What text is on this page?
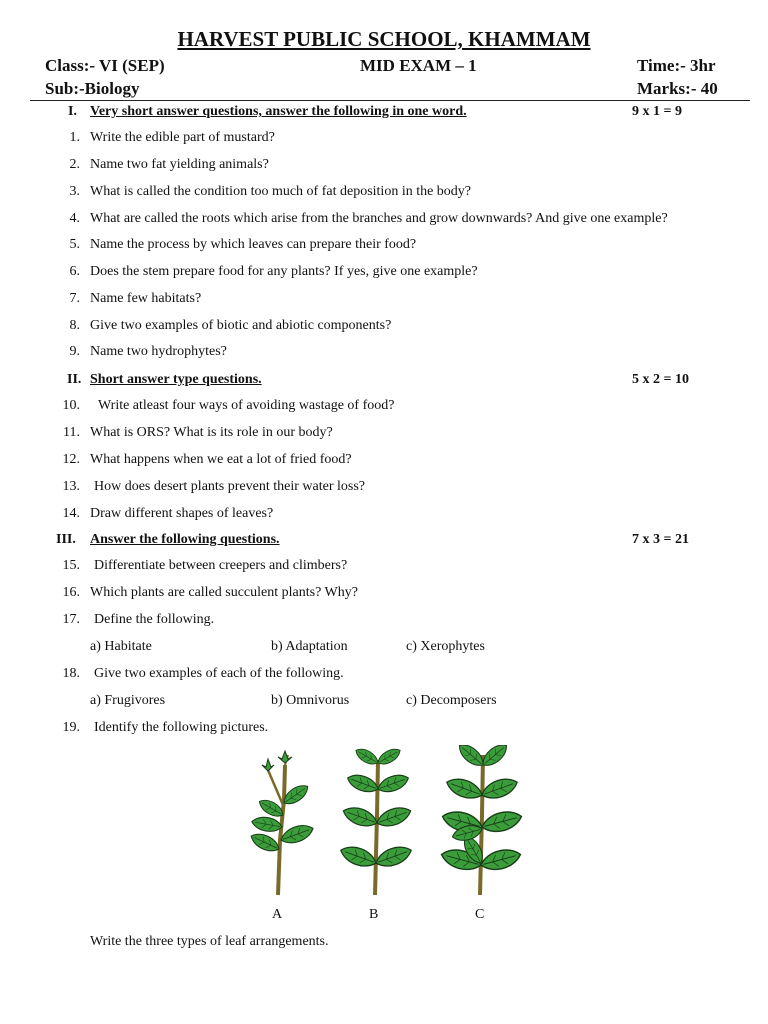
HARVEST PUBLIC SCHOOL, KHAMMAM
Class:- VI (SEP)	MID EXAM – 1	Time:- 3hr
Sub:-Biology	Marks:- 40
I. Very short answer questions, answer the following in one word.	9 x 1 = 9
1. Write the edible part of mustard?
2. Name two fat yielding animals?
3. What is called the condition too much of fat deposition in the body?
4. What are called the roots which arise from the branches and grow downwards? And give one example?
5. Name the process by which leaves can prepare their food?
6. Does the stem prepare food for any plants? If yes, give one example?
7. Name few habitats?
8. Give two examples of biotic and abiotic components?
9. Name two hydrophytes?
II. Short answer type questions.	5 x 2 = 10
10. Write atleast four ways of avoiding wastage of food?
11. What is ORS? What is its role in our body?
12. What happens when we eat a lot of fried food?
13. How does desert plants prevent their water loss?
14. Draw different shapes of leaves?
III. Answer the following questions.	7 x 3 = 21
15. Differentiate between creepers and climbers?
16. Which plants are called succulent plants? Why?
17. Define the following.
a) Habitate	b) Adaptation	c) Xerophytes
18. Give two examples of each of the following.
a) Frugivores	b) Omnivorus	c) Decomposers
19. Identify the following pictures.
A	B	C
Write the three types of leaf arrangements.
